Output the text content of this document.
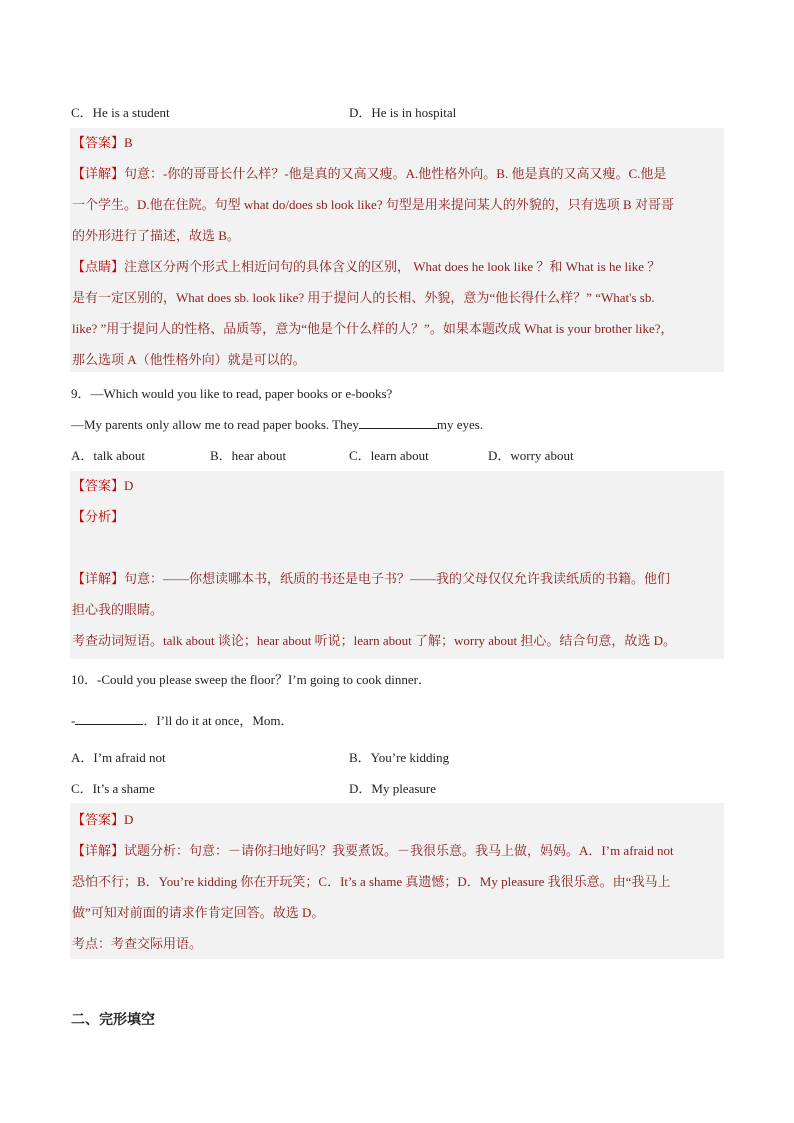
C．He is a student	D．He is in hospital
【答案】B
【详解】句意：-你的哥哥长什么样？-他是真的又高又瘦。A.他性格外向。B. 他是真的又高又瘦。C.他是
一个学生。D.他在住院。句型 what do/does sb look like? 句型是用来提问某人的外貌的，只有选项 B 对哥哥
的外形进行了描述，故选 B。
【点睛】注意区分两个形式上相近问句的具体含义的区别， What does he look like ？和 What is he like ？
是有一定区别的，What does sb. look like? 用于提问人的长相、外貌，意为“他长得什么样？” “What's sb.
like? ”用于提问人的性格、品质等，意为“他是个什么样的人？”。如果本题改成 What is your brother like?，
那么选项 A（他性格外向）就是可以的。
9．—Which would you like to read, paper books or e-books?
—My parents only allow me to read paper books. They	my eyes.
A．talk about	B．hear about	C．learn about	D．worry about
【答案】D
【分析】
【详解】句意：——你想读哪本书，纸质的书还是电子书？——我的父母仅仅允许我读纸质的书籍。他们
担心我的眼睛。
考查动词短语。talk about 谈论；hear about 听说；learn about 了解；worry about 担心。结合句意，故选 D。
10．-Could you please sweep the floor？I’m going to cook dinner．
-	．I’ll do it at once，Mom．
A．I’m afraid not	B．You’re kidding
C．It’s a shame	D．My pleasure
【答案】D
【详解】试题分析：句意：－请你扫地好吗？我要煮饭。－我很乐意。我马上做，妈妈。A．I’m afraid not
恐怕不行；B．You’re kidding 你在开玩笑；C．It’s a shame 真遗憾；D．My pleasure 我很乐意。由“我马上
做”可知对前面的请求作肯定回答。故选 D。
考点：考查交际用语。
二、完形填空
